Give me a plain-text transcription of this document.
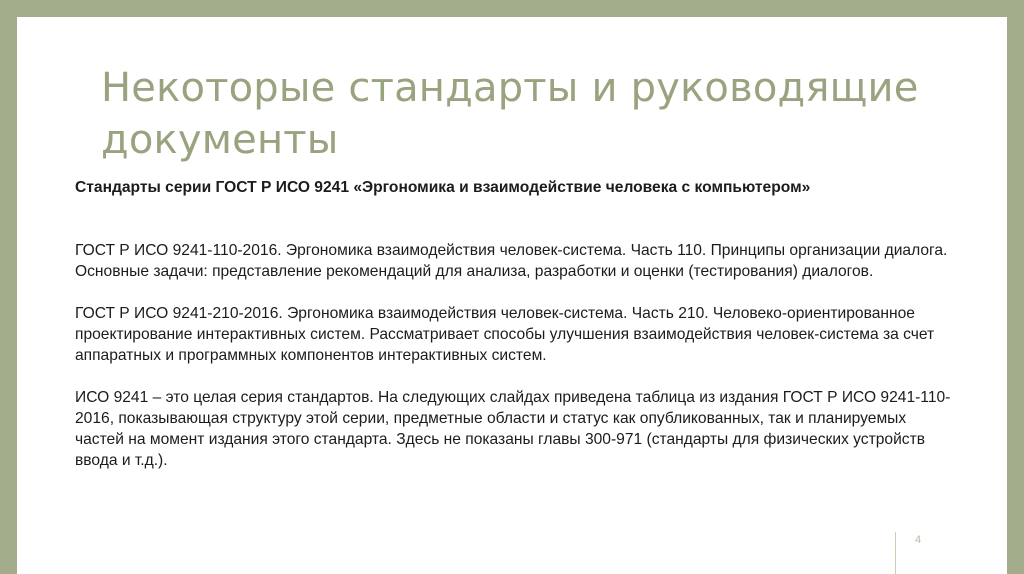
Некоторые стандарты и руководящие документы

Стандарты серии ГОСТ Р ИСО 9241 «Эргономика и взаимодействие человека с компьютером»

ГОСТ Р ИСО 9241-110-2016. Эргономика взаимодействия человек-система. Часть 110. Принципы организации диалога. Основные задачи: представление рекомендаций для анализа, разработки и оценки (тестирования) диалогов.

ГОСТ Р ИСО 9241-210-2016. Эргономика взаимодействия человек-система. Часть 210. Человеко-ориентированное проектирование интерактивных систем. Рассматривает способы улучшения взаимодействия человек-система за счет аппаратных и программных компонентов интерактивных систем.

ИСО 9241 – это целая серия стандартов. На следующих слайдах приведена таблица из издания ГОСТ Р ИСО 9241-110-2016, показывающая структуру этой серии, предметные области и статус как опубликованных, так и планируемых частей на момент издания этого стандарта. Здесь не показаны главы 300-971 (стандарты для физических устройств ввода и т.д.).

4
